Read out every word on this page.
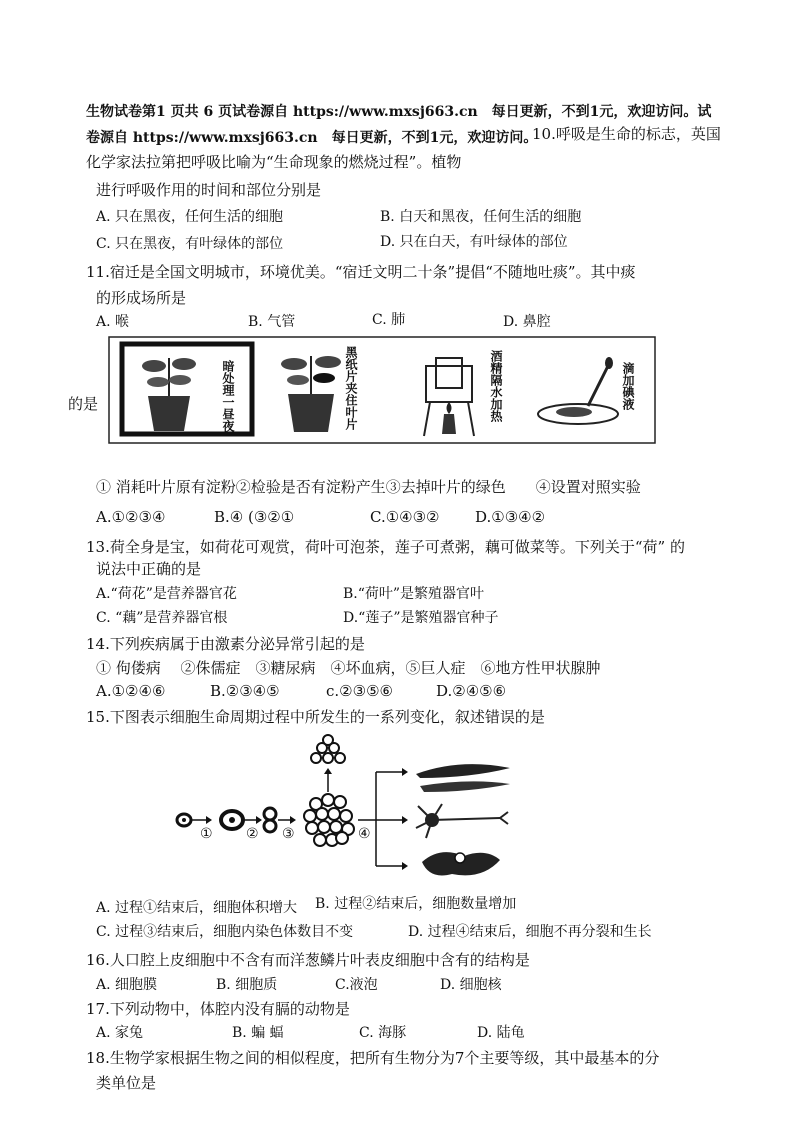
生物试卷第1 页共 6 页试卷源自 https://www.mxsj663.cn　每日更新，不到1元，欢迎访问。试
卷源自 https://www.mxsj663.cn　每日更新，不到1元，欢迎访问。
10.呼吸是生命的标志，英国
化学家法拉第把呼吸比喻为“生命现象的燃烧过程”。植物
进行呼吸作用的时间和部位分别是
A. 只在黑夜，任何生活的细胞	B. 白天和黑夜，任何生活的细胞
C. 只在黑夜，有叶绿体的部位	D. 只在白天，有叶绿体的部位
11.宿迁是全国文明城市，环境优美。“宿迁文明二十条”提倡“不随地吐痰”。其中痰
的形成场所是
A. 喉	B. 气管	C. 肺	D. 鼻腔
的是	暗处理一昼夜	黑纸片夹住叶片	酒精隔水加热	滴加碘液
① 消耗叶片原有淀粉②检验是否有淀粉产生③去掉叶片的绿色　　④设置对照实验
A.①②③④	B.④ (③②①	C.①④③② D.①③④②
13.荷全身是宝，如荷花可观赏，荷叶可泡茶，莲子可煮粥，藕可做菜等。下列关于“荷” 的
说法中正确的是
A.“荷花”是营养器官花	B.“荷叶”是繁殖器官叶
C. “藕”是营养器官根	D.“莲子”是繁殖器官种子
14.下列疾病属于由激素分泌异常引起的是
① 佝偻病　 ②侏儒症　③糖尿病　④坏血病，⑤巨人症　⑥地方性甲状腺肿
A.①②④⑥	B.②③④⑤	c.②③⑤⑥	D.②④⑤⑥
15.下图表示细胞生命周期过程中所发生的一系列变化，叙述错误的是
① ② ③	④
A. 过程①结束后，细胞体积增大 B. 过程②结束后，细胞数量增加
C. 过程③结束后，细胞内染色体数目不变	D. 过程④结束后，细胞不再分裂和生长
16.人口腔上皮细胞中不含有而洋葱鳞片叶表皮细胞中含有的结构是
A. 细胞膜	B. 细胞质	C.液泡	D. 细胞核
17.下列动物中，体腔内没有膈的动物是
A. 家兔	B. 蝙 蝠	C. 海豚	D. 陆龟
18.生物学家根据生物之间的相似程度，把所有生物分为7个主要等级，其中最基本的分
类单位是
